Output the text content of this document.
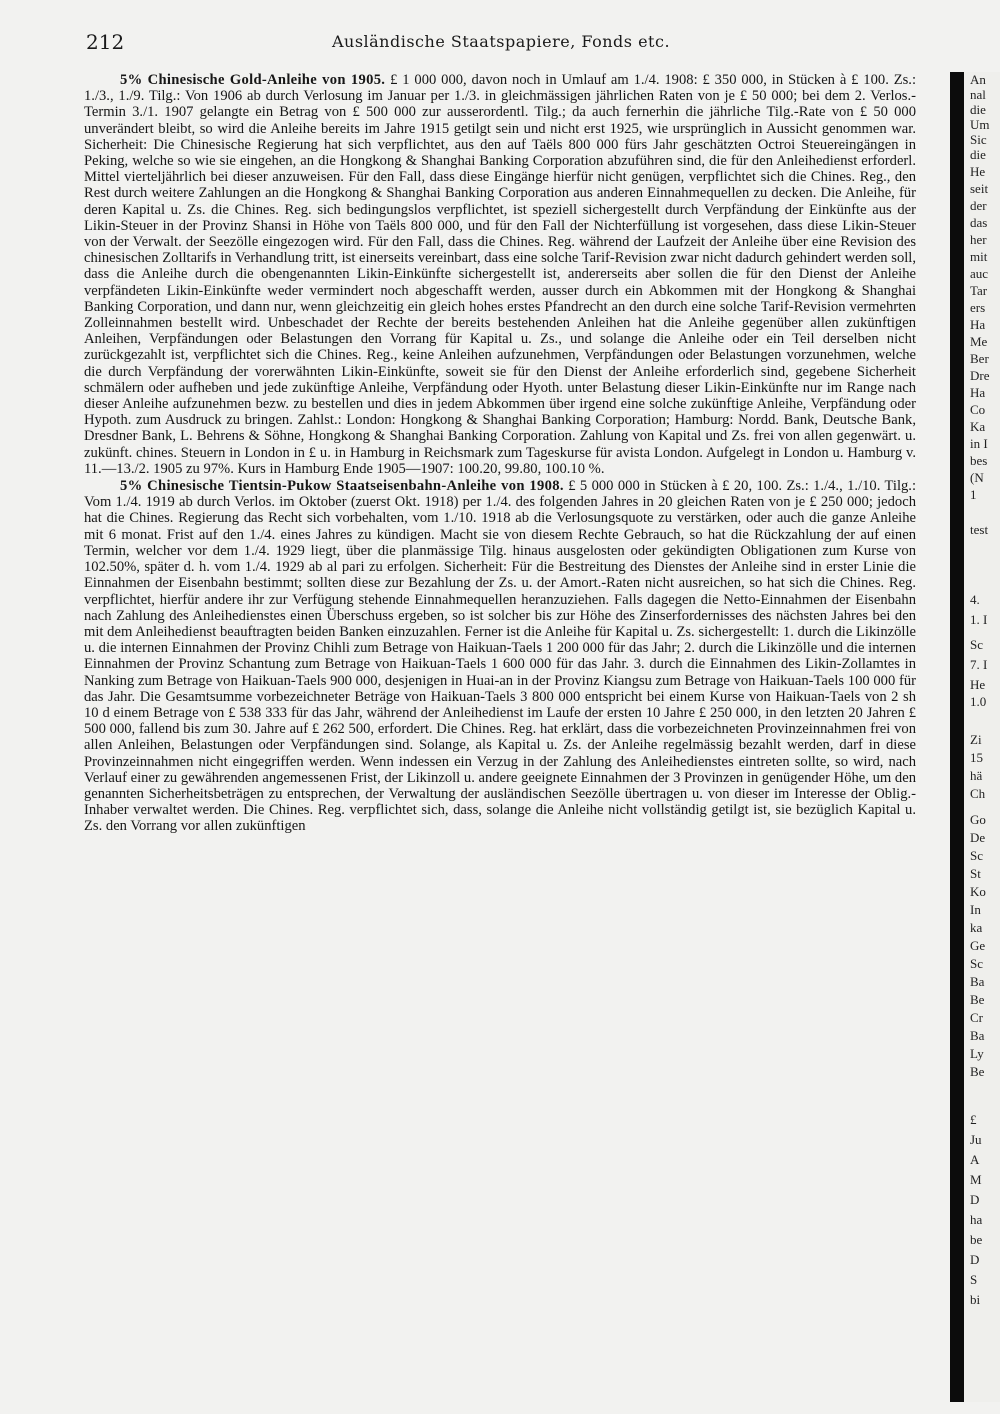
212	Ausländische Staatspapiere, Fonds etc.

5% Chinesische Gold-Anleihe von 1905. £ 1 000 000, davon noch in Umlauf am 1./4. 1908: £ 350 000, in Stücken à £ 100. Zs.: 1./3., 1./9. Tilg.: Von 1906 ab durch Verlosung im Januar per 1./3. in gleichmässigen jährlichen Raten von je £ 50 000; bei dem 2. Verlos.-Termin 3./1. 1907 gelangte ein Betrag von £ 500 000 zur ausserordentl. Tilg.; da auch fernerhin die jährliche Tilg.-Rate von £ 50 000 unverändert bleibt, so wird die Anleihe bereits im Jahre 1915 getilgt sein und nicht erst 1925, wie ursprünglich in Aussicht genommen war. Sicherheit: Die Chinesische Regierung hat sich verpflichtet, aus den auf Taëls 800 000 fürs Jahr geschätzten Octroi Steuereingängen in Peking, welche so wie sie eingehen, an die Hongkong & Shanghai Banking Corporation abzuführen sind, die für den Anleihedienst erforderl. Mittel vierteljährlich bei dieser anzuweisen. Für den Fall, dass diese Eingänge hierfür nicht genügen, verpflichtet sich die Chines. Reg., den Rest durch weitere Zahlungen an die Hongkong & Shanghai Banking Corporation aus anderen Einnahmequellen zu decken. Die Anleihe, für deren Kapital u. Zs. die Chines. Reg. sich bedingungslos verpflichtet, ist speziell sichergestellt durch Verpfändung der Einkünfte aus der Likin-Steuer in der Provinz Shansi in Höhe von Taëls 800 000, und für den Fall der Nichterfüllung ist vorgesehen, dass diese Likin-Steuer von der Verwalt. der Seezölle eingezogen wird. Für den Fall, dass die Chines. Reg. während der Laufzeit der Anleihe über eine Revision des chinesischen Zolltarifs in Verhandlung tritt, ist einerseits vereinbart, dass eine solche Tarif-Revision zwar nicht dadurch gehindert werden soll, dass die Anleihe durch die obengenannten Likin-Einkünfte sichergestellt ist, andererseits aber sollen die für den Dienst der Anleihe verpfändeten Likin-Einkünfte weder vermindert noch abgeschafft werden, ausser durch ein Abkommen mit der Hongkong & Shanghai Banking Corporation, und dann nur, wenn gleichzeitig ein gleich hohes erstes Pfandrecht an den durch eine solche Tarif-Revision vermehrten Zolleinnahmen bestellt wird. Unbeschadet der Rechte der bereits bestehenden Anleihen hat die Anleihe gegenüber allen zukünftigen Anleihen, Verpfändungen oder Belastungen den Vorrang für Kapital u. Zs., und solange die Anleihe oder ein Teil derselben nicht zurückgezahlt ist, verpflichtet sich die Chines. Reg., keine Anleihen aufzunehmen, Verpfändungen oder Belastungen vorzunehmen, welche die durch Verpfändung der vorerwähnten Likin-Einkünfte, soweit sie für den Dienst der Anleihe erforderlich sind, gegebene Sicherheit schmälern oder aufheben und jede zukünftige Anleihe, Verpfändung oder Hyoth. unter Belastung dieser Likin-Einkünfte nur im Range nach dieser Anleihe aufzunehmen bezw. zu bestellen und dies in jedem Abkommen über irgend eine solche zukünftige Anleihe, Verpfändung oder Hypoth. zum Ausdruck zu bringen. Zahlst.: London: Hongkong & Shanghai Banking Corporation; Hamburg: Nordd. Bank, Deutsche Bank, Dresdner Bank, L. Behrens & Söhne, Hongkong & Shanghai Banking Corporation. Zahlung von Kapital und Zs. frei von allen gegenwärt. u. zukünft. chines. Steuern in London in £ u. in Hamburg in Reichsmark zum Tageskurse für avista London. Aufgelegt in London u. Hamburg v. 11.—13./2. 1905 zu 97%. Kurs in Hamburg Ende 1905—1907: 100.20, 99.80, 100.10 %.

5% Chinesische Tientsin-Pukow Staatseisenbahn-Anleihe von 1908. £ 5 000 000 in Stücken à £ 20, 100. Zs.: 1./4., 1./10. Tilg.: Vom 1./4. 1919 ab durch Verlos. im Oktober (zuerst Okt. 1918) per 1./4. des folgenden Jahres in 20 gleichen Raten von je £ 250 000; jedoch hat die Chines. Regierung das Recht sich vorbehalten, vom 1./10. 1918 ab die Verlosungsquote zu verstärken, oder auch die ganze Anleihe mit 6 monat. Frist auf den 1./4. eines Jahres zu kündigen. Macht sie von diesem Rechte Gebrauch, so hat die Rückzahlung der auf einen Termin, welcher vor dem 1./4. 1929 liegt, über die planmässige Tilg. hinaus ausgelosten oder gekündigten Obligationen zum Kurse von 102.50%, später d. h. vom 1./4. 1929 ab al pari zu erfolgen. Sicherheit: Für die Bestreitung des Dienstes der Anleihe sind in erster Linie die Einnahmen der Eisenbahn bestimmt; sollten diese zur Bezahlung der Zs. u. der Amort.-Raten nicht ausreichen, so hat sich die Chines. Reg. verpflichtet, hierfür andere ihr zur Verfügung stehende Einnahmequellen heranzuziehen. Falls dagegen die Netto-Einnahmen der Eisenbahn nach Zahlung des Anleihedienstes einen Überschuss ergeben, so ist solcher bis zur Höhe des Zinserfordernisses des nächsten Jahres bei den mit dem Anleihedienst beauftragten beiden Banken einzuzahlen. Ferner ist die Anleihe für Kapital u. Zs. sichergestellt: 1. durch die Likinzölle u. die internen Einnahmen der Provinz Chihli zum Betrage von Haikuan-Taels 1 200 000 für das Jahr; 2. durch die Likinzölle und die internen Einnahmen der Provinz Schantung zum Betrage von Haikuan-Taels 1 600 000 für das Jahr. 3. durch die Einnahmen des Likin-Zollamtes in Nanking zum Betrage von Haikuan-Taels 900 000, desjenigen in Huai-an in der Provinz Kiangsu zum Betrage von Haikuan-Taels 100 000 für das Jahr. Die Gesamtsumme vorbezeichneter Beträge von Haikuan-Taels 3 800 000 entspricht bei einem Kurse von Haikuan-Taels von 2 sh 10 d einem Betrage von £ 538 333 für das Jahr, während der Anleihedienst im Laufe der ersten 10 Jahre £ 250 000, in den letzten 20 Jahren £ 500 000, fallend bis zum 30. Jahre auf £ 262 500, erfordert. Die Chines. Reg. hat erklärt, dass die vorbezeichneten Provinzeinnahmen frei von allen Anleihen, Belastungen oder Verpfändungen sind. Solange, als Kapital u. Zs. der Anleihe regelmässig bezahlt werden, darf in diese Provinzeinnahmen nicht eingegriffen werden. Wenn indessen ein Verzug in der Zahlung des Anleihedienstes eintreten sollte, so wird, nach Verlauf einer zu gewährenden angemessenen Frist, der Likinzoll u. andere geeignete Einnahmen der 3 Provinzen in genügender Höhe, um den genannten Sicherheitsbeträgen zu entsprechen, der Verwaltung der ausländischen Seezölle übertragen u. von dieser im Interesse der Oblig.-Inhaber verwaltet werden. Die Chines. Reg. verpflichtet sich, dass, solange die Anleihe nicht vollständig getilgt ist, sie bezüglich Kapital u. Zs. den Vorrang vor allen zukünftigen

An
nal
die
Um
Sic
die
He
seit
der
das
her
mit
auc
Tar
ers
Ha
Me
Ber
Dre
Ha
Co
Ka
in I
bes
(N
1
test
4.
1. I
Sc
7. I
He
1.0
Zi
15
hä
Ch
Go
De
Sc
St
Ko
In
ka
Ge
Sc
Ba
Be
Cr
Ba
Ly
Be
£
Ju
A
M
D
ha
be
D
S
bi
